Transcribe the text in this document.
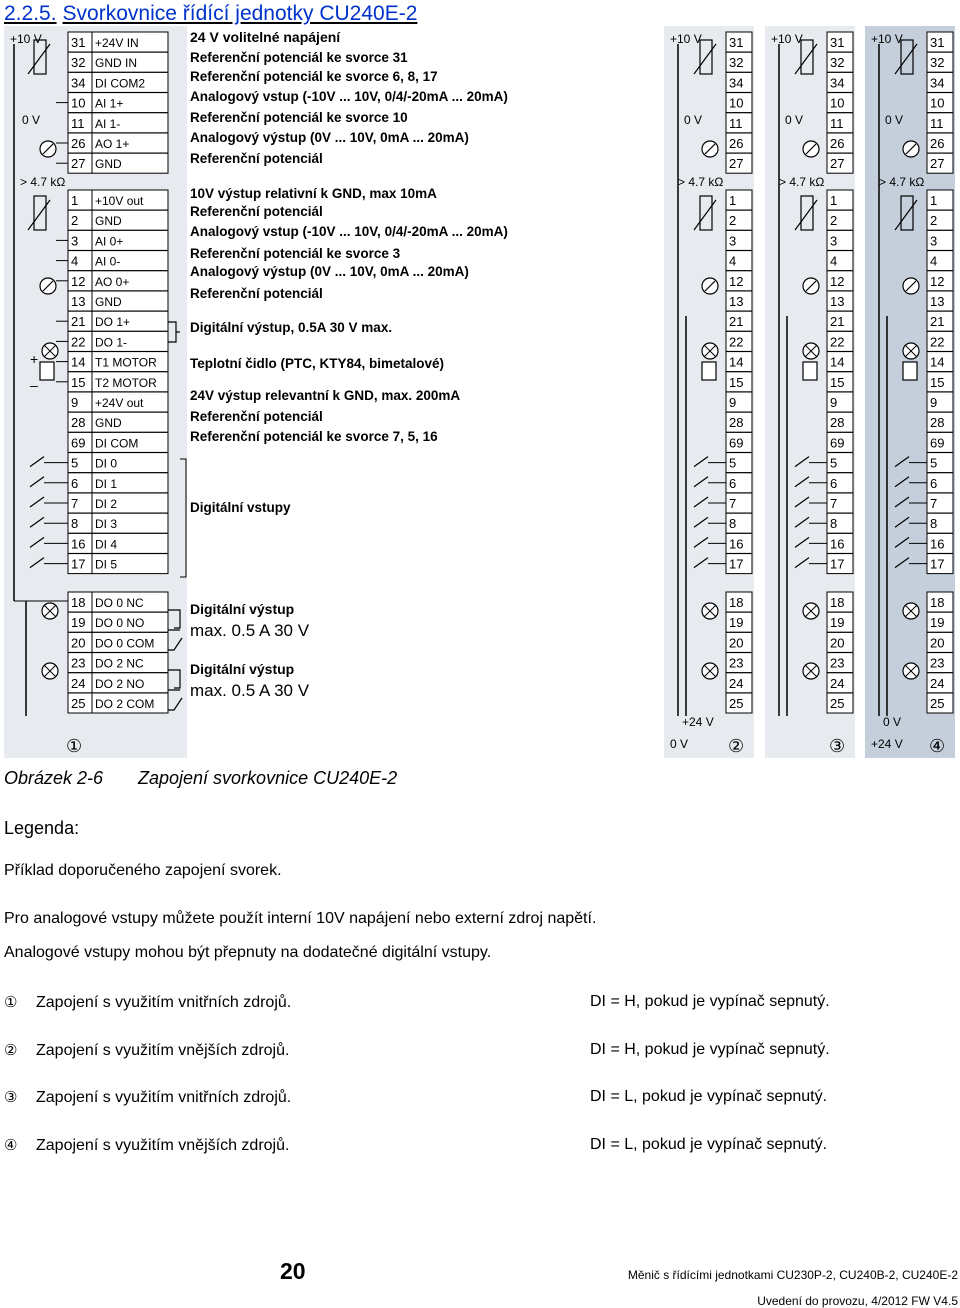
2.2.5. Svorkovnice řídící jednotky CU240E-2
+10 V
0 V
> 4.7 kΩ
①
+
–
31 +24V IN
32 GND IN
34 DI COM2
10 AI 1+
11 AI 1-
26 AO 1+
27 GND
1 +10V out
2 GND
3 AI 0+
4 AI 0-
12 AO 0+
13 GND
21 DO 1+
22 DO 1-
14 T1 MOTOR
15 T2 MOTOR
9 +24V out
28 GND
69 DI COM
5 DI 0
6 DI 1
7 DI 2
8 DI 3
16 DI 4
17 DI 5
18 DO 0 NC
19 DO 0 NO
20 DO 0 COM
23 DO 2 NC
24 DO 2 NO
25 DO 2 COM
24 V volitelné napájení
Referenční potenciál ke svorce 31
Referenční potenciál ke svorce 6, 8, 17
Analogový vstup (-10V ... 10V, 0/4/-20mA ... 20mA)
Referenční potenciál ke svorce 10
Analogový výstup (0V ... 10V, 0mA ... 20mA)
Referenční potenciál
10V výstup relativní k GND, max 10mA
Referenční potenciál
Analogový vstup (-10V ... 10V, 0/4/-20mA ... 20mA)
Referenční potenciál ke svorce 3
Analogový výstup (0V ... 10V, 0mA ... 20mA)
Referenční potenciál
Digitální výstup, 0.5A 30 V max.
Teplotní čidlo (PTC, KTY84, bimetalové)
24V výstup relevantní k GND, max. 200mA
Referenční potenciál
Referenční potenciál ke svorce 7, 5, 16
Digitální vstupy
Digitální výstup
max. 0.5 A 30 V
Digitální výstup
max. 0.5 A 30 V
+10 V
0 V
> 4.7 kΩ
②
+24 V
0 V
31
32
34
10
11
26
27
1
2
3
4
12
13
21
22
14
15
9
28
69
5
6
7
8
16
17
18
19
20
23
24
25
+10 V
0 V
> 4.7 kΩ
③
31
32
34
10
11
26
27
1
2
3
4
12
13
21
22
14
15
9
28
69
5
6
7
8
16
17
18
19
20
23
24
25
+10 V
0 V
> 4.7 kΩ
④
0 V
+24 V
31
32
34
10
11
26
27
1
2
3
4
12
13
21
22
14
15
9
28
69
5
6
7
8
16
17
18
19
20
23
24
25
Obrázek 2-6 Zapojení svorkovnice CU240E-2
Legenda:
Příklad doporučeného zapojení svorek.
Pro analogové vstupy můžete použít interní 10V napájení nebo externí zdroj napětí.
Analogové vstupy mohou být přepnuty na dodatečné digitální vstupy.
① Zapojení s využitím vnitřních zdrojů.	DI = H, pokud je vypínač sepnutý.
② Zapojení s využitím vnějších zdrojů.	DI = H, pokud je vypínač sepnutý.
③ Zapojení s využitím vnitřních zdrojů.	DI = L, pokud je vypínač sepnutý.
④ Zapojení s využitím vnějších zdrojů.	DI = L, pokud je vypínač sepnutý.
20	Měnič s řídícími jednotkami CU230P-2, CU240B-2, CU240E-2
Uvedení do provozu, 4/2012 FW V4.5
